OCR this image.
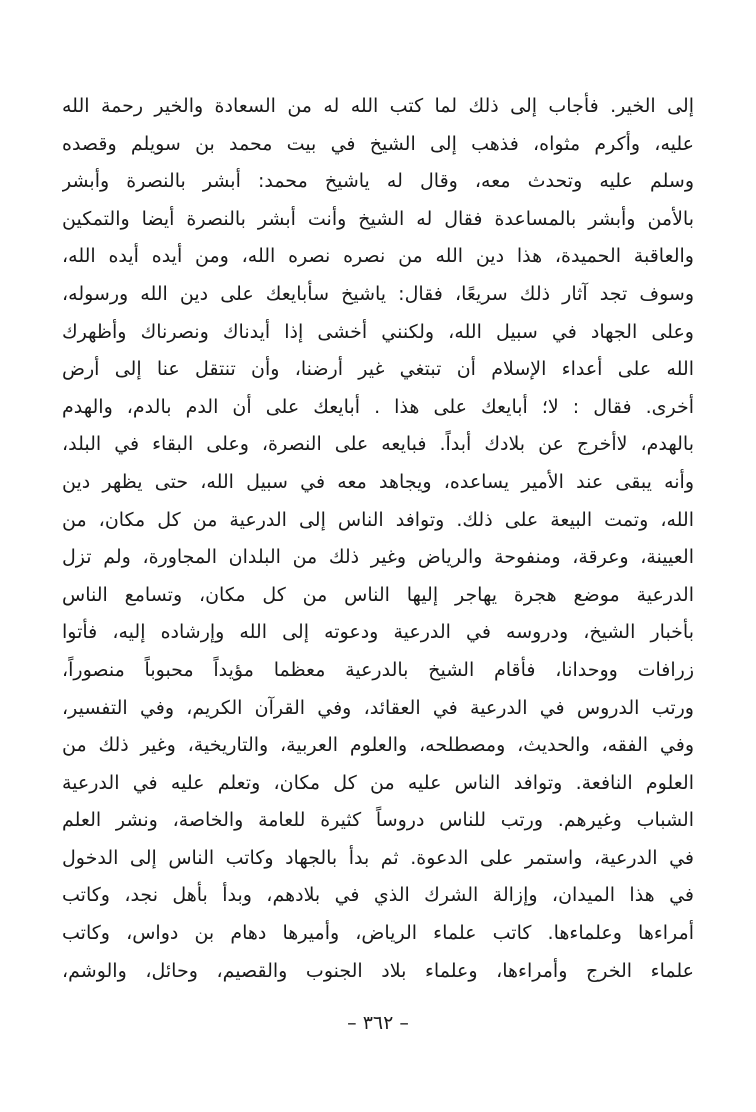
إلى الخير. فأجاب إلى ذلك لما كتب الله له من السعادة والخير رحمة الله
عليه، وأكرم مثواه، فذهب إلى الشيخ في بيت محمد بن سويلم وقصده
وسلم عليه وتحدث معه، وقال له ياشيخ محمد: أبشر بالنصرة وأبشر
بالأمن وأبشر بالمساعدة فقال له الشيخ وأنت أبشر بالنصرة أيضا والتمكين
والعاقبة الحميدة، هذا دين الله من نصره نصره الله، ومن أيده أيده الله،
وسوف تجد آثار ذلك سريعًا، فقال: ياشيخ سأبايعك على دين الله ورسوله،
وعلى الجهاد في سبيل الله، ولكنني أخشى إذا أيدناك ونصرناك وأظهرك
الله على أعداء الإسلام أن تبتغي غير أرضنا، وأن تنتقل عنا إلى أرض
أخرى. فقال : لا؛ أبايعك على هذا . أبايعك على أن الدم بالدم، والهدم
بالهدم، لاأخرج عن بلادك أبداً. فبايعه على النصرة، وعلى البقاء في البلد،
وأنه يبقى عند الأمير يساعده، ويجاهد معه في سبيل الله، حتى يظهر دين
الله، وتمت البيعة على ذلك. وتوافد الناس إلى الدرعية من كل مكان، من
العيينة، وعرقة، ومنفوحة والرياض وغير ذلك من البلدان المجاورة، ولم تزل
الدرعية موضع هجرة يهاجر إليها الناس من كل مكان، وتسامع الناس
بأخبار الشيخ، ودروسه في الدرعية ودعوته إلى الله وإرشاده إليه، فأتوا
زرافات ووحدانا، فأقام الشيخ بالدرعية معظما مؤيداً محبوباً منصوراً،
ورتب الدروس في الدرعية في العقائد، وفي القرآن الكريم، وفي التفسير،
وفي الفقه، والحديث، ومصطلحه، والعلوم العربية، والتاريخية، وغير ذلك من
العلوم النافعة. وتوافد الناس عليه من كل مكان، وتعلم عليه في الدرعية
الشباب وغيرهم. ورتب للناس دروساً كثيرة للعامة والخاصة، ونشر العلم
في الدرعية، واستمر على الدعوة. ثم بدأ بالجهاد وكاتب الناس إلى الدخول
في هذا الميدان، وإزالة الشرك الذي في بلادهم، وبدأ بأهل نجد، وكاتب
أمراءها وعلماءها. كاتب علماء الرياض، وأميرها دهام بن دواس، وكاتب
علماء الخرج وأمراءها، وعلماء بلاد الجنوب والقصيم، وحائل، والوشم،
– ٣٦٢ –
